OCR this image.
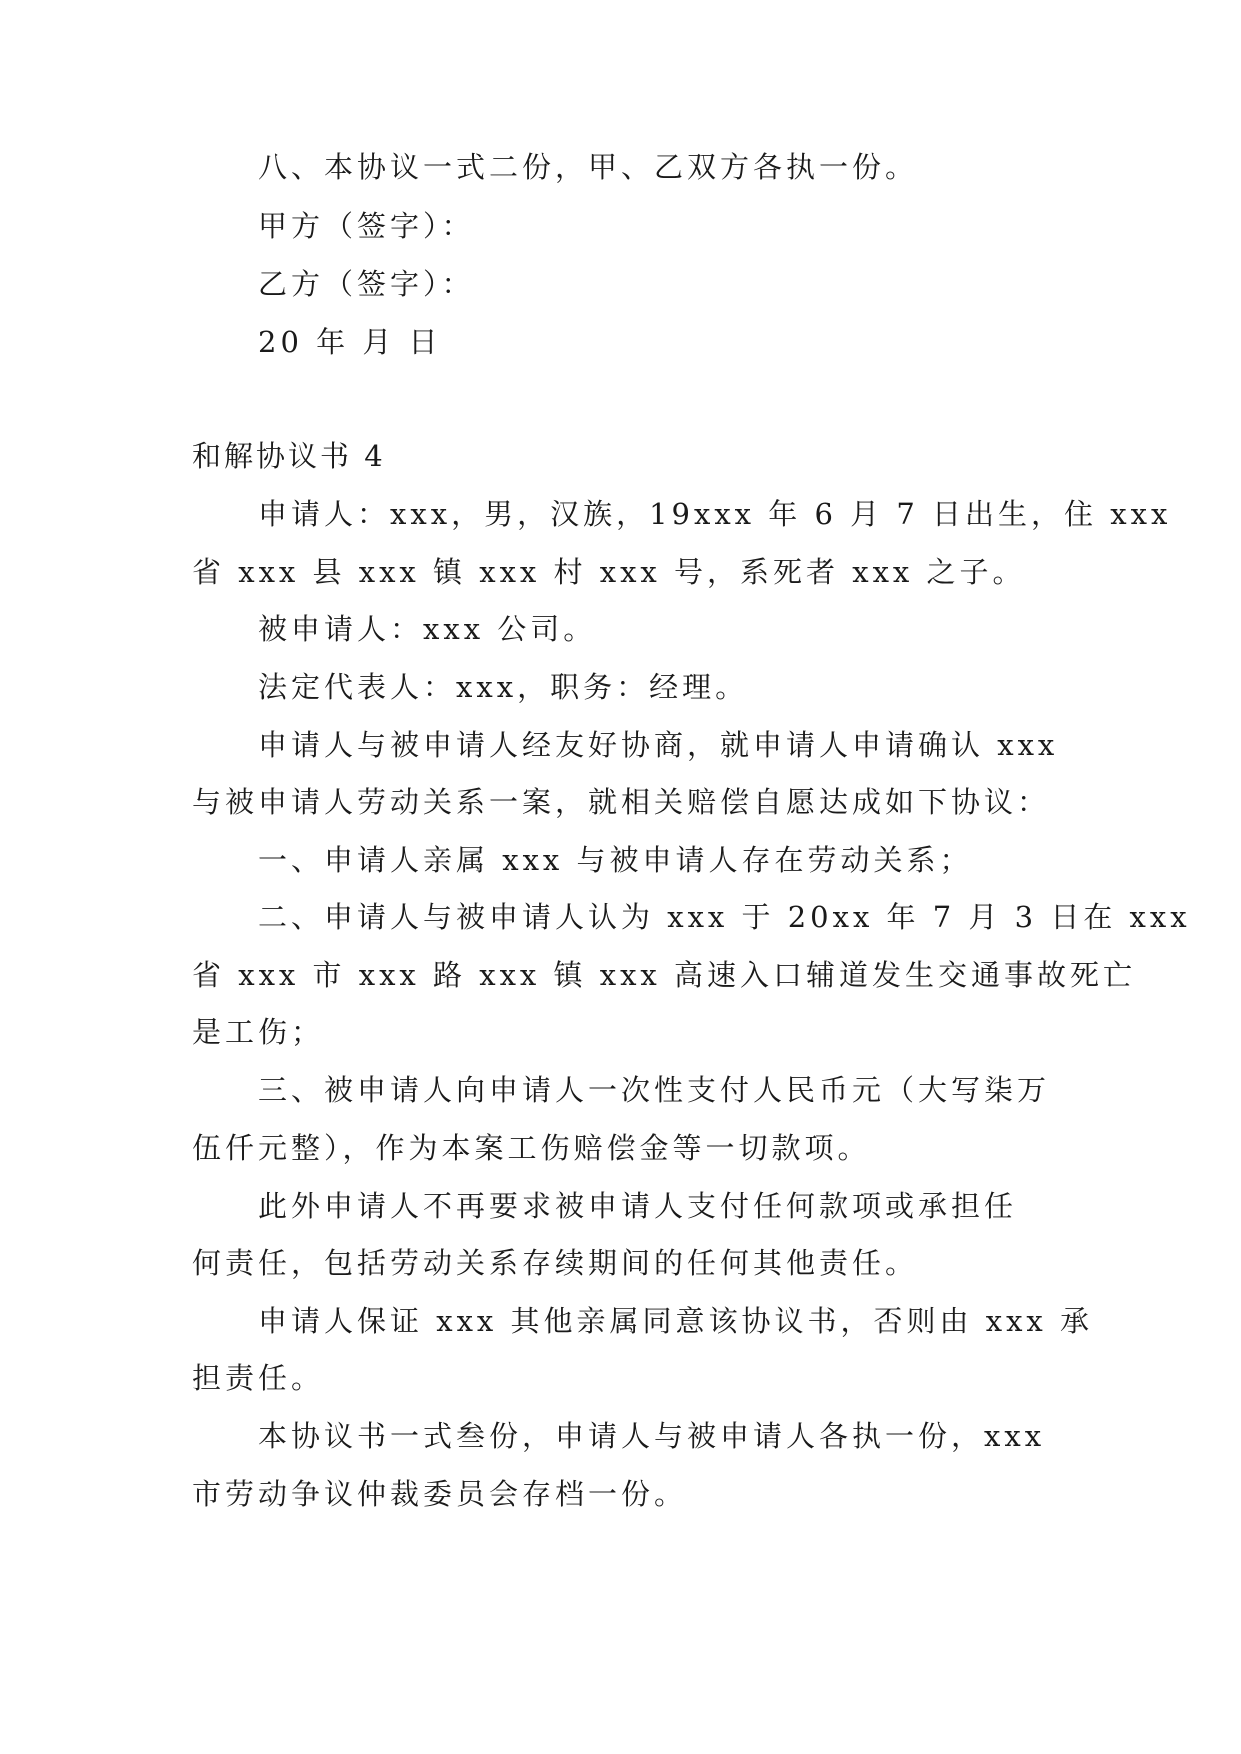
八、本协议一式二份，甲、乙双方各执一份。
甲方（签字）：
乙方（签字）：
20 年 月 日
和解协议书 4
申请人：xxx，男，汉族，19xxx 年 6 月 7 日出生，住 xxx
省 xxx 县 xxx 镇 xxx 村 xxx 号，系死者 xxx 之子。
被申请人：xxx 公司。
法定代表人：xxx，职务：经理。
申请人与被申请人经友好协商，就申请人申请确认 xxx
与被申请人劳动关系一案，就相关赔偿自愿达成如下协议：
一、申请人亲属 xxx 与被申请人存在劳动关系；
二、申请人与被申请人认为 xxx 于 20xx 年 7 月 3 日在 xxx
省 xxx 市 xxx 路 xxx 镇 xxx 高速入口辅道发生交通事故死亡
是工伤；
三、被申请人向申请人一次性支付人民币元（大写柒万
伍仟元整），作为本案工伤赔偿金等一切款项。
此外申请人不再要求被申请人支付任何款项或承担任
何责任，包括劳动关系存续期间的任何其他责任。
申请人保证 xxx 其他亲属同意该协议书，否则由 xxx 承
担责任。
本协议书一式叁份，申请人与被申请人各执一份，xxx
市劳动争议仲裁委员会存档一份。
